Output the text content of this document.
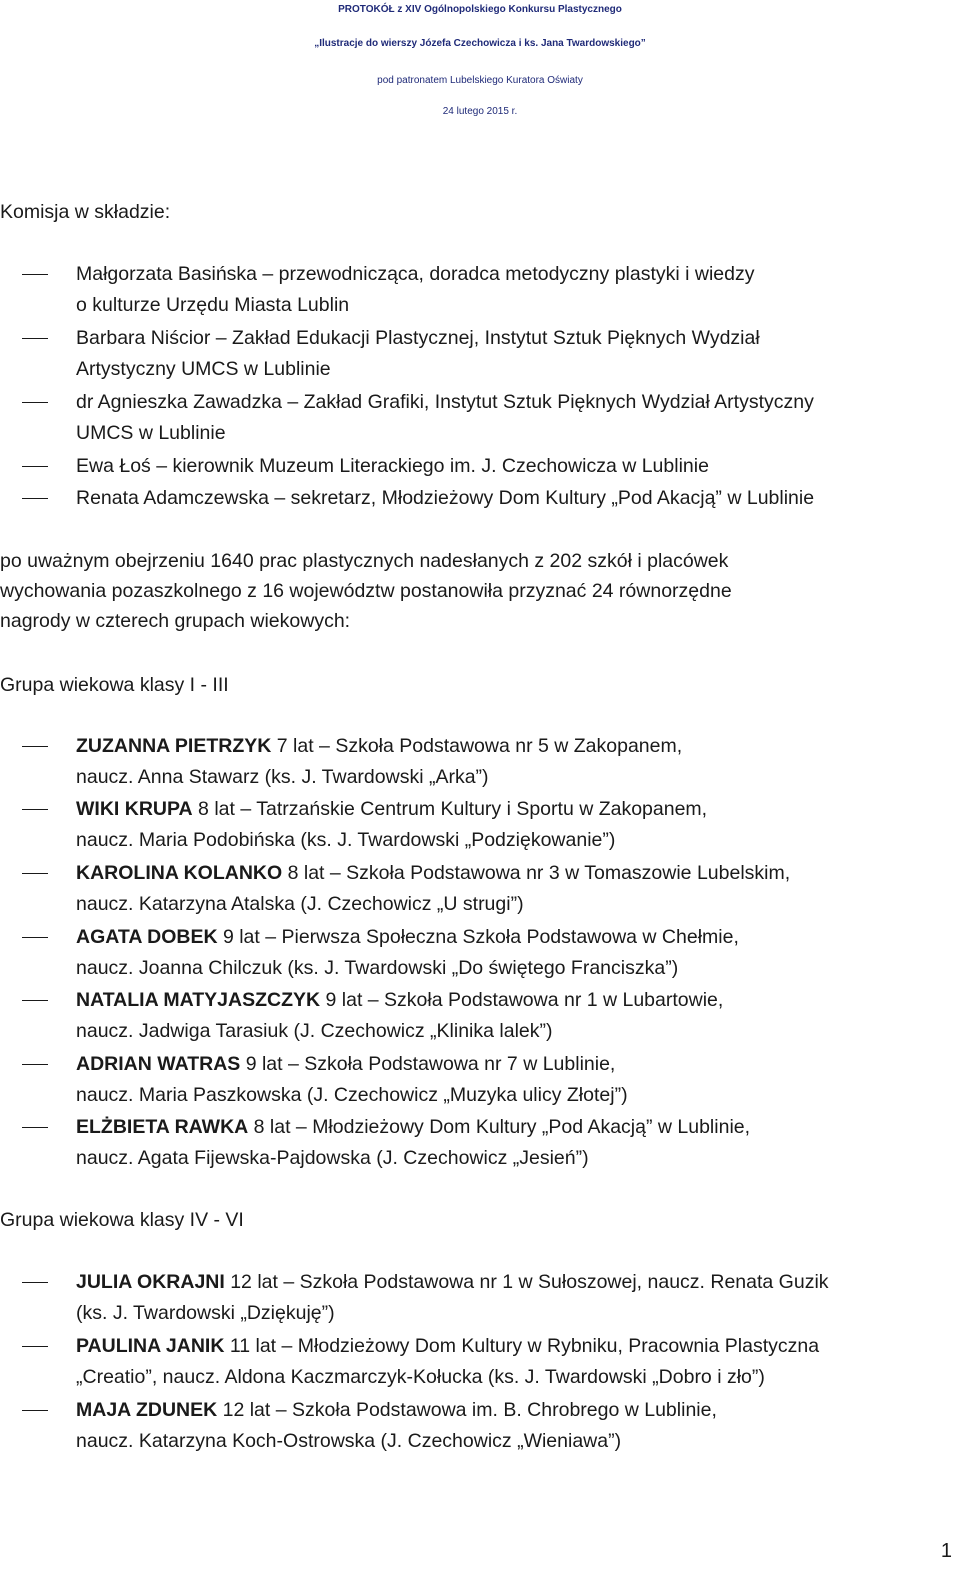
PROTOKÓŁ z XIV Ogólnopolskiego Konkursu Plastycznego
„Ilustracje do wierszy Józefa Czechowicza i ks. Jana Twardowskiego”
pod patronatem Lubelskiego Kuratora Oświaty
24 lutego 2015 r.
Komisja w składzie:
Małgorzata Basińska – przewodnicząca, doradca metodyczny plastyki i wiedzy
o kulturze Urzędu Miasta Lublin
Barbara Niścior – Zakład Edukacji Plastycznej, Instytut Sztuk Pięknych Wydział
Artystyczny UMCS w Lublinie
dr Agnieszka Zawadzka – Zakład Grafiki, Instytut Sztuk Pięknych Wydział Artystyczny
UMCS w Lublinie
Ewa Łoś – kierownik Muzeum Literackiego im. J. Czechowicza w Lublinie
Renata Adamczewska – sekretarz, Młodzieżowy Dom Kultury „Pod Akacją” w Lublinie
po uważnym obejrzeniu 1640 prac plastycznych nadesłanych z 202 szkół i placówek
wychowania pozaszkolnego z 16 województw postanowiła przyznać 24 równorzędne
nagrody w czterech grupach wiekowych:
Grupa wiekowa klasy I - III
ZUZANNA PIETRZYK 7 lat – Szkoła Podstawowa nr 5 w Zakopanem,
naucz. Anna Stawarz (ks. J. Twardowski „Arka”)
WIKI KRUPA 8 lat – Tatrzańskie Centrum Kultury i Sportu w Zakopanem,
naucz. Maria Podobińska (ks. J. Twardowski „Podziękowanie”)
KAROLINA KOLANKO 8 lat – Szkoła Podstawowa nr 3 w Tomaszowie Lubelskim,
naucz. Katarzyna Atalska (J. Czechowicz „U strugi”)
AGATA DOBEK 9 lat – Pierwsza Społeczna Szkoła Podstawowa w Chełmie,
naucz. Joanna Chilczuk (ks. J. Twardowski „Do świętego Franciszka”)
NATALIA MATYJASZCZYK 9 lat – Szkoła Podstawowa nr 1 w Lubartowie,
naucz. Jadwiga Tarasiuk (J. Czechowicz „Klinika lalek”)
ADRIAN WATRAS 9 lat – Szkoła Podstawowa nr 7 w Lublinie,
naucz. Maria Paszkowska (J. Czechowicz „Muzyka ulicy Złotej”)
ELŻBIETA RAWKA 8 lat – Młodzieżowy Dom Kultury „Pod Akacją” w Lublinie,
naucz. Agata Fijewska-Pajdowska (J. Czechowicz „Jesień”)
Grupa wiekowa klasy IV - VI
JULIA OKRAJNI 12 lat – Szkoła Podstawowa nr 1 w Sułoszowej, naucz. Renata Guzik
(ks. J. Twardowski „Dziękuję”)
PAULINA JANIK 11 lat – Młodzieżowy Dom Kultury w Rybniku, Pracownia Plastyczna
„Creatio”, naucz. Aldona Kaczmarczyk-Kołucka (ks. J. Twardowski „Dobro i zło”)
MAJA ZDUNEK 12 lat – Szkoła Podstawowa im. B. Chrobrego w Lublinie,
naucz. Katarzyna Koch-Ostrowska (J. Czechowicz „Wieniawa”)
1
